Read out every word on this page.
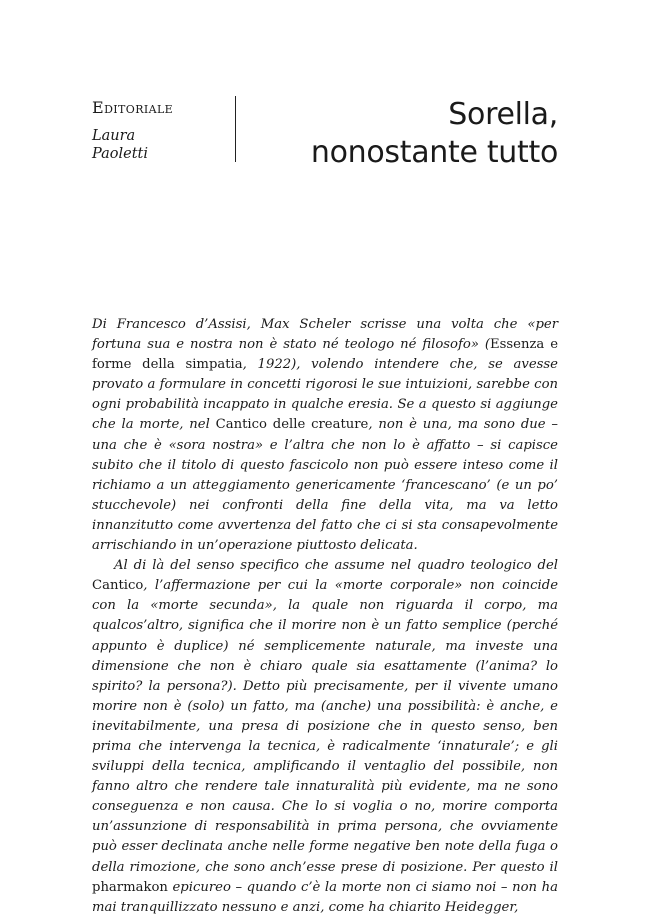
Editoriale
Laura
Paoletti
Sorella,
nonostante tutto

Di Francesco d’Assisi, Max Scheler scrisse una volta che «per fortuna sua e nostra non è stato né teologo né filosofo» (Essenza e forme della simpatia, 1922), volendo intendere che, se avesse provato a formulare in concetti rigorosi le sue intuizioni, sarebbe con ogni probabilità incappato in qualche eresia. Se a questo si aggiunge che la morte, nel Cantico delle creature, non è una, ma sono due – una che è «sora nostra» e l’altra che non lo è affatto – si capisce subito che il titolo di questo fascicolo non può essere inteso come il richiamo a un atteggiamento genericamente ‘francescano’ (e un po’ stucchevole) nei confronti della fine della vita, ma va letto innanzitutto come avvertenza del fatto che ci si sta consapevolmente arrischiando in un’operazione piuttosto delicata.

Al di là del senso specifico che assume nel quadro teologico del Cantico, l’affermazione per cui la «morte corporale» non coincide con la «morte secunda», la quale non riguarda il corpo, ma qualcos’altro, significa che il morire non è un fatto semplice (perché appunto è duplice) né semplicemente naturale, ma investe una dimensione che non è chiaro quale sia esattamente (l’anima? lo spirito? la persona?). Detto più precisamente, per il vivente umano morire non è (solo) un fatto, ma (anche) una possibilità: è anche, e inevitabilmente, una presa di posizione che in questo senso, ben prima che intervenga la tecnica, è radicalmente ‘innaturale’; e gli sviluppi della tecnica, amplificando il ventaglio del possibile, non fanno altro che rendere tale innaturalità più evidente, ma ne sono conseguenza e non causa. Che lo si voglia o no, morire comporta un’assunzione di responsabilità in prima persona, che ovviamente può esser declinata anche nelle forme negative ben note della fuga o della rimozione, che sono anch’esse prese di posizione. Per questo il pharmakon epicureo – quando c’è la morte non ci siamo noi – non ha mai tranquillizzato nessuno e anzi, come ha chiarito Heidegger,
